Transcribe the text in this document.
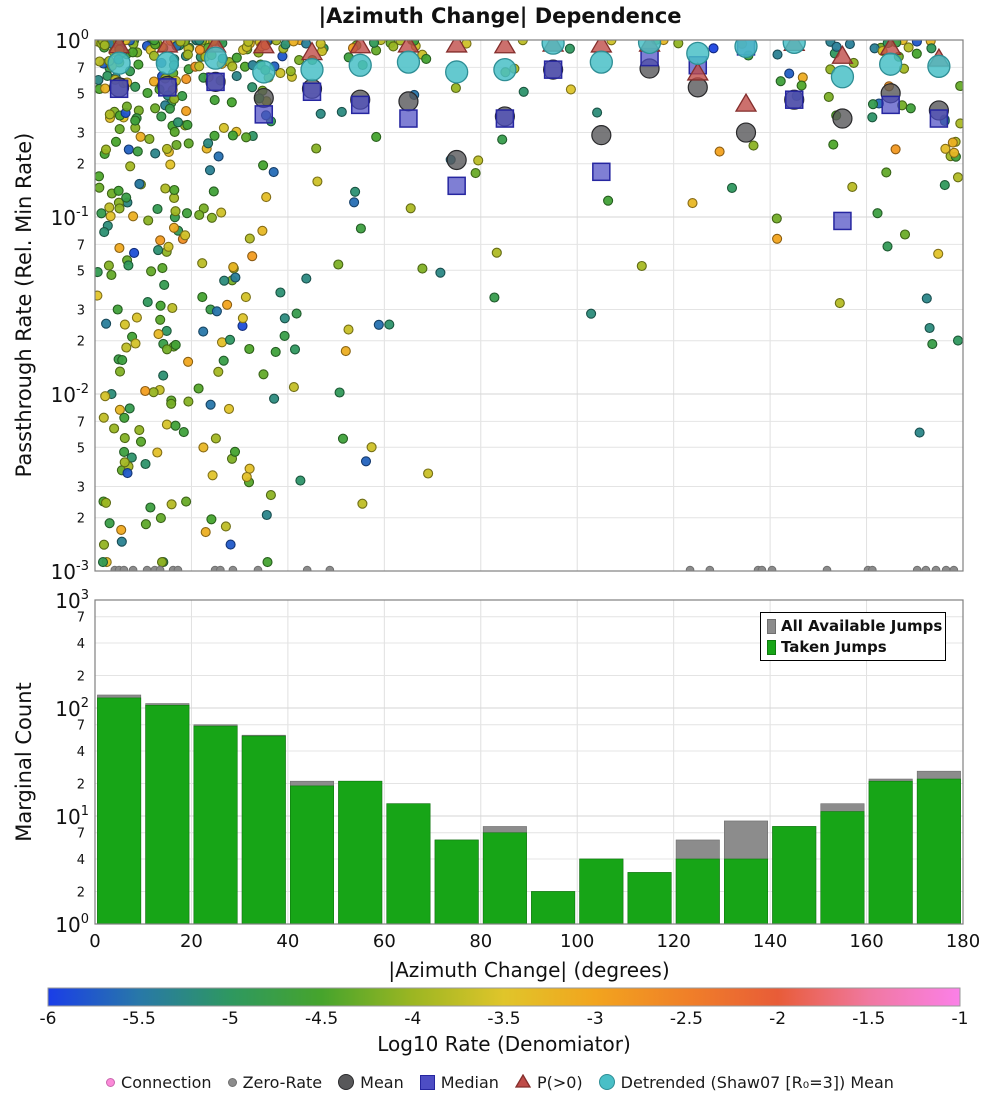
|Azimuth Change| Dependence
Passthrough Rate (Rel. Min Rate)
Marginal Count
$10^0$
7
5
3
2
$10^{-1}$
7
5
3
2
$10^{-2}$
7
5
3
2
$10^{-3}$
$10^0$
2
4
7
$10^1$
2
4
7
$10^2$
2
4
7
$10^3$
0	20	40	60	80	100	120	140	160	180
-6	-5.5	-5	-4.5	-4	-3.5	-3	-2.5	-2	-1.5	-1
|Azimuth Change| (degrees)
Log10 Rate (Denomiator)
All Available Jumps
Taken Jumps
Connection Zero-Rate Mean Median P(>0) Detrended (Shaw07 [R₀=3]) Mean
